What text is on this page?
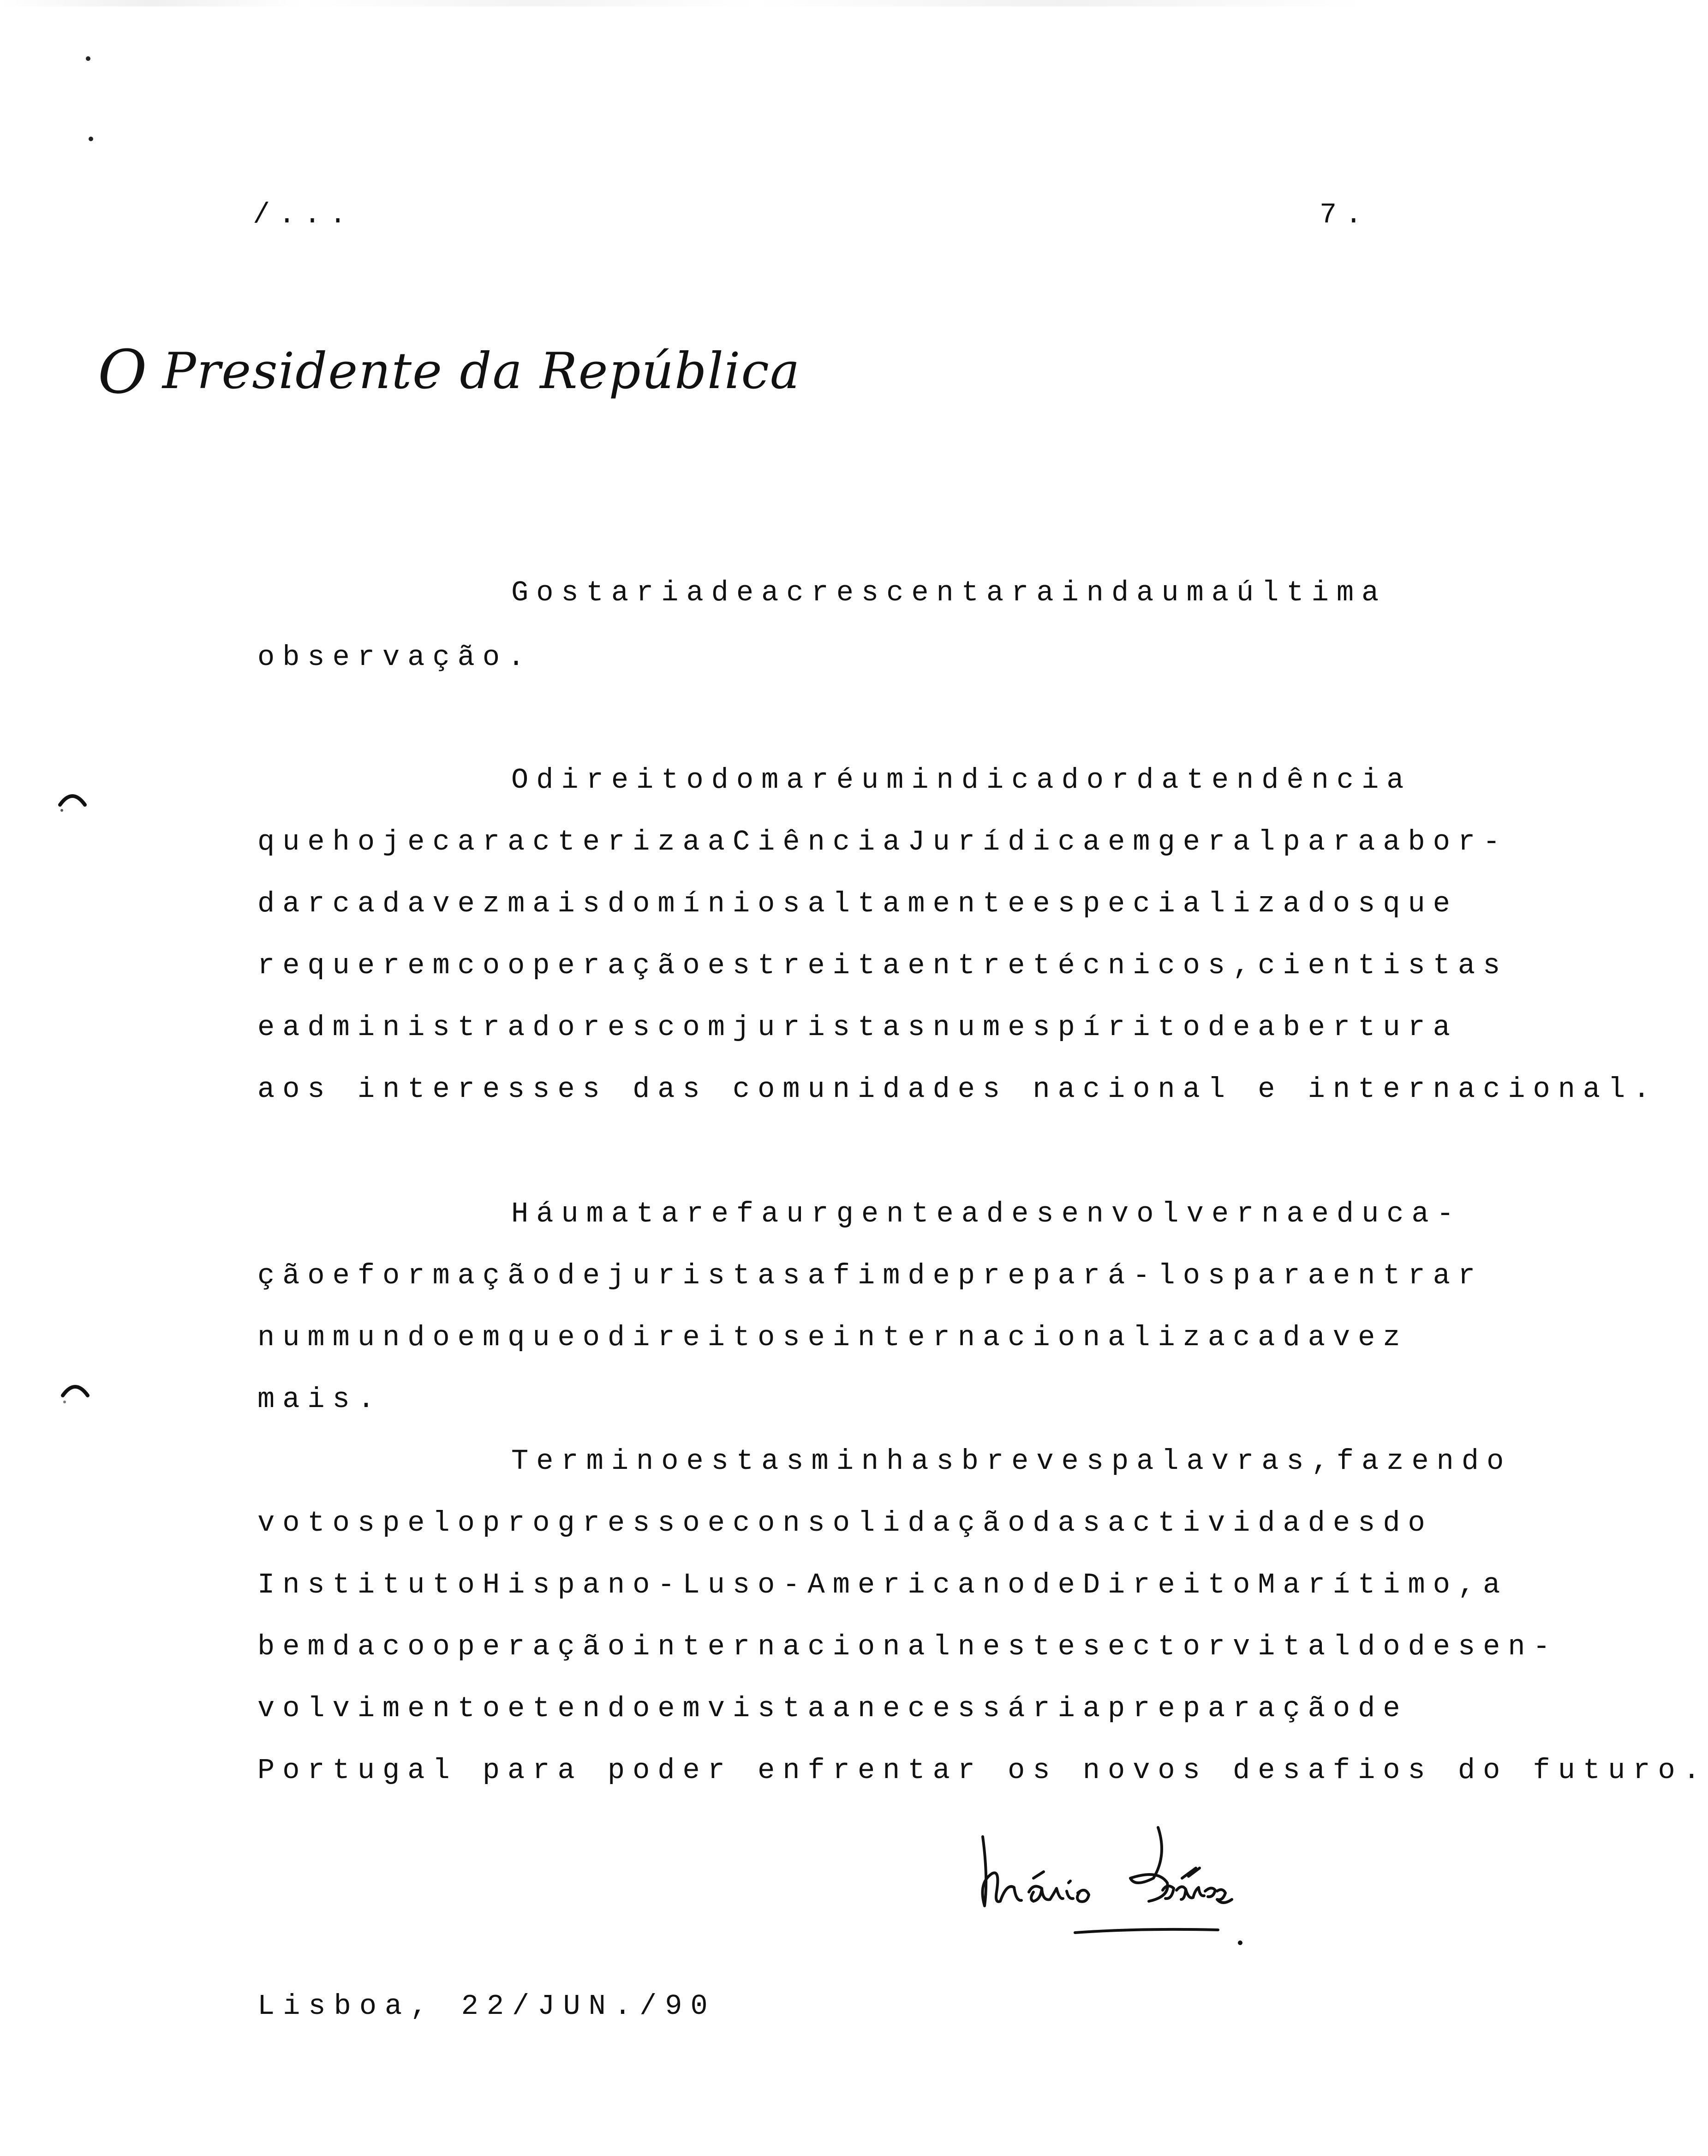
/...	7.
O Presidente da República
Gostaria de acrescentar ainda uma última
observação.
O direito do mar é um indicador da tendência
que hoje caracteriza a Ciência Jurídica em geral para abor-
dar cada vez mais domínios altamente especializados que
requerem cooperação estreita entre técnicos, cientistas
e administradores com juristas num espírito de abertura
aos interesses das comunidades nacional e internacional.
Há uma tarefa urgente a desenvolver na educa-
ção e formação de juristas a fim de prepará-los para entrar
num mundo em que o direito se internacionaliza cada vez
mais.
Termino estas minhas breves palavras, fazendo
votos pelo progresso e consolidação das actividades do
Instituto Hispano-Luso-Americano de Direito Marítimo, a
bem da cooperação internacional neste sector vital do desen-
volvimento e tendo em vista a necessária preparação de
Portugal para poder enfrentar os novos desafios do futuro.
Lisboa, 22/JUN./90
